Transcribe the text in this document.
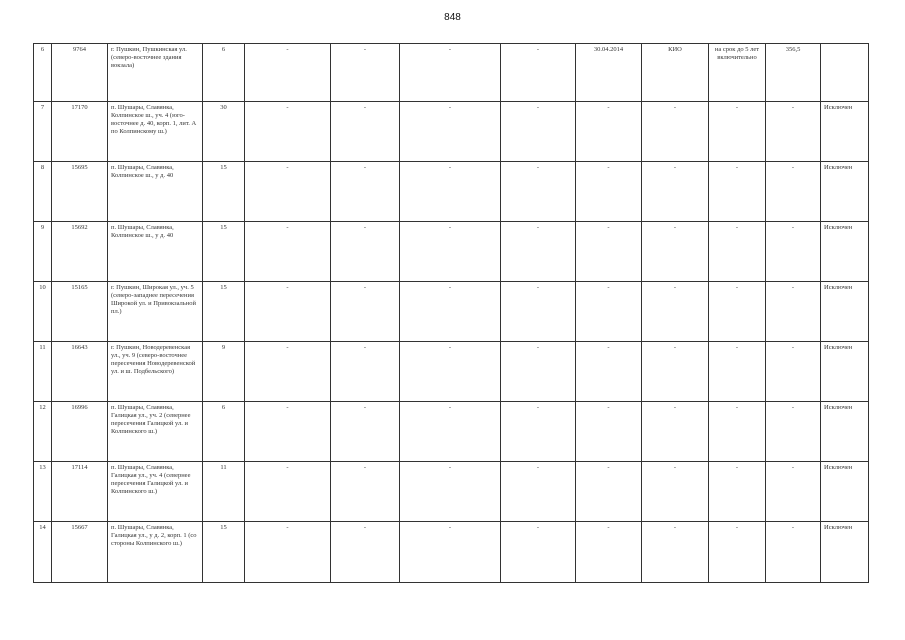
848
6	9764	г. Пушкин, Пушкинская ул. (северо-восточнее здания вокзала)	6	-	-	-	-	30.04.2014	КИО	на срок до 5 лет включительно	356,5	
7	17170	п. Шушары, Славянка, Колпинское ш., уч. 4 (юго-восточнее д. 40, корп. 1, лит. А по Колпинскому ш.)	30	-	-	-	-	-	-	-	-	Исключен
8	15695	п. Шушары, Славянка, Колпинское ш., у д. 40	15	-	-	-	-	-	-	-	-	Исключен
9	15692	п. Шушары, Славянка, Колпинское ш., у д. 40	15	-	-	-	-	-	-	-	-	Исключен
10	15165	г. Пушкин, Широкая ул., уч. 5 (северо-западнее пересечения Широкой ул. и Привокзальной пл.)	15	-	-	-	-	-	-	-	-	Исключен
11	16643	г. Пушкин, Новодеревенская ул., уч. 9 (северо-восточнее пересечения Новодеревенской ул. и ш. Подбельского)	9	-	-	-	-	-	-	-	-	Исключен
12	16996	п. Шушары, Славянка, Галицкая ул., уч. 2 (севернее пересечения Галицкой ул. и Колпинского ш.)	6	-	-	-	-	-	-	-	-	Исключен
13	17114	п. Шушары, Славянка, Галицкая ул., уч. 4 (севернее пересечения Галицкой ул. и Колпинского ш.)	11	-	-	-	-	-	-	-	-	Исключен
14	15667	п. Шушары, Славянка, Галицкая ул., у д. 2, корп. 1 (со стороны Колпинского ш.)	15	-	-	-	-	-	-	-	-	Исключен
